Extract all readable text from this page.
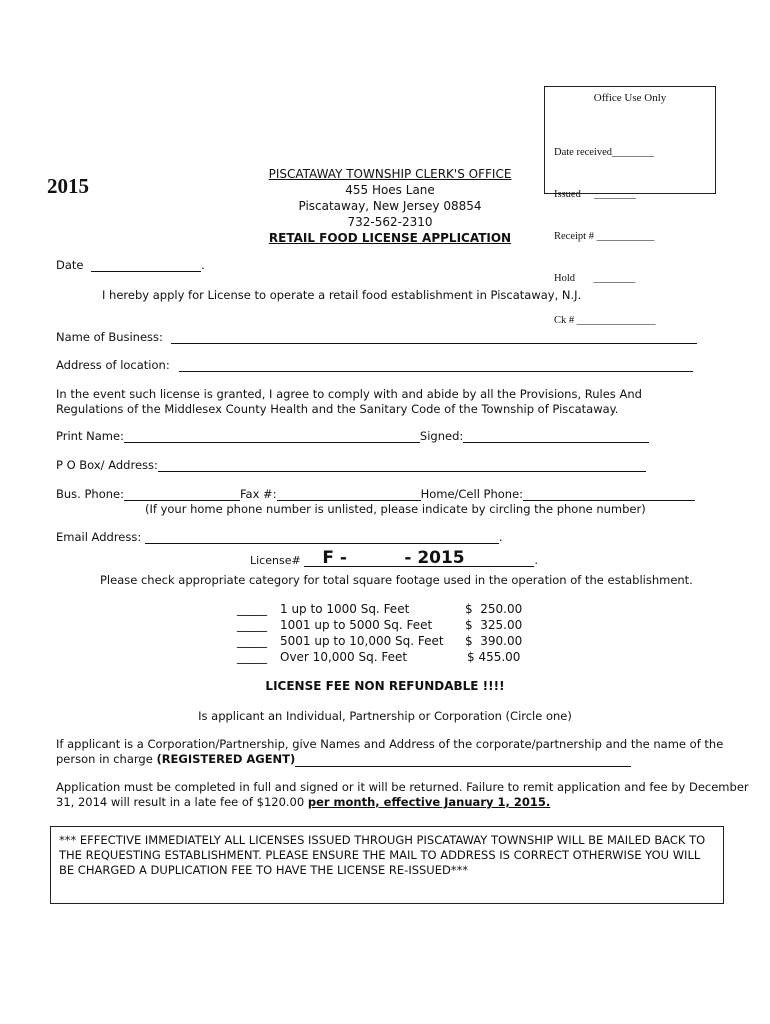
Office Use Only

Date received________

Issued     ________

Receipt # ___________

Hold       ________

Ck # _______________

2015	PISCATAWAY TOWNSHIP CLERK'S OFFICE
455 Hoes Lane
Piscataway, New Jersey 08854
732-562-2310
RETAIL FOOD LICENSE APPLICATION
Date	.
I hereby apply for License to operate a retail food establishment in Piscataway, N.J.
Name of Business:
Address of location:
In the event such license is granted, I agree to comply with and abide by all the Provisions, Rules And
Regulations of the Middlesex County Health and the Sanitary Code of the Township of Piscataway.
Print Name:	Signed:
P O Box/ Address:
Bus. Phone:	Fax #:	Home/Cell Phone:
(If your home phone number is unlisted, please indicate by circling the phone number)
Email Address:	.
License# F -	- 2015	.
Please check appropriate category for total square footage used in the operation of the establishment.
_____ 1 up to 1000 Sq. Feet	$  250.00
_____ 1001 up to 5000 Sq. Feet	$  325.00
_____ 5001 up to 10,000 Sq. Feet $  390.00
_____ Over 10,000 Sq. Feet	$ 455.00
LICENSE FEE NON REFUNDABLE !!!!
Is applicant an Individual, Partnership or Corporation (Circle one)
If applicant is a Corporation/Partnership, give Names and Address of the corporate/partnership and the name of the
person in charge (REGISTERED AGENT)
Application must be completed in full and signed or it will be returned. Failure to remit application and fee by December
31, 2014 will result in a late fee of $120.00 per month, effective January 1, 2015.
*** EFFECTIVE IMMEDIATELY ALL LICENSES ISSUED THROUGH PISCATAWAY TOWNSHIP WILL BE MAILED BACK TO THE REQUESTING ESTABLISHMENT. PLEASE ENSURE THE MAIL TO ADDRESS IS CORRECT OTHERWISE YOU WILL BE CHARGED A DUPLICATION FEE TO HAVE THE LICENSE RE-ISSUED***
